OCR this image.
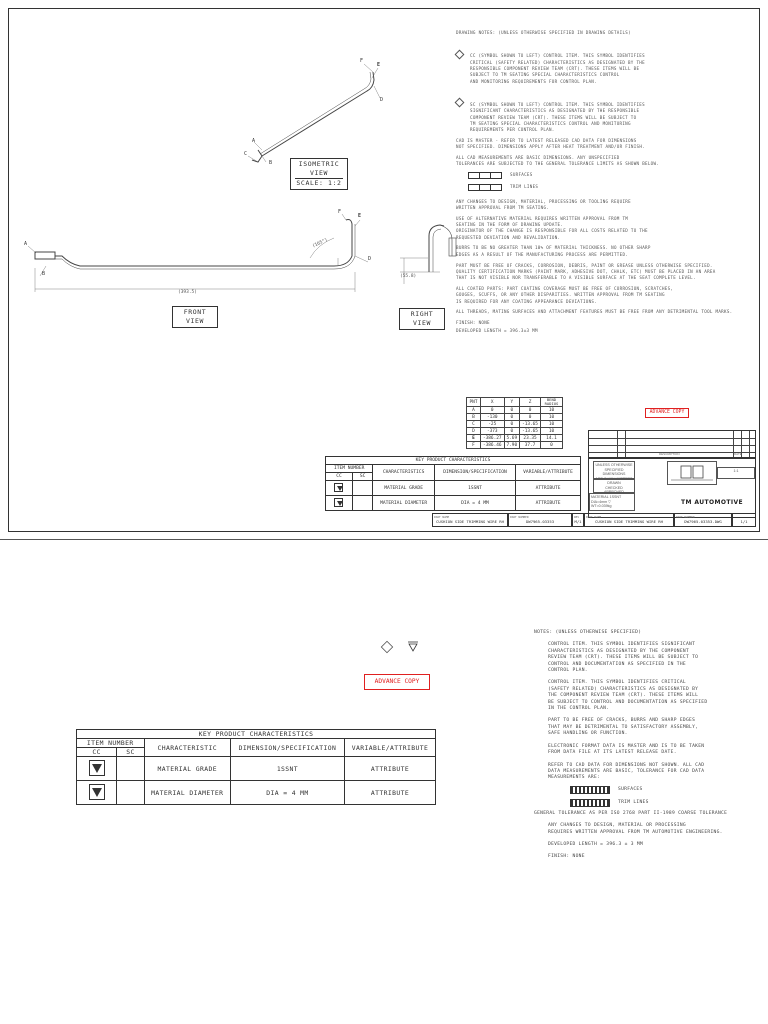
A
B
C
D
E
F
A
B
D
E
F
(393.5)
(165°)
(55.8)
ISOMETRIC VIEW
SCALE: 1:2
FRONT VIEW
RIGHT VIEW

DRAWING NOTES: (UNLESS OTHERWISE SPECIFIED IN DRAWING DETAILS)

CC (SYMBOL SHOWN TO LEFT) CONTROL ITEM. THIS SYMBOL IDENTIFIES
CRITICAL (SAFETY RELATED) CHARACTERISTICS AS DESIGNATED BY THE
RESPONSIBLE COMPONENT REVIEW TEAM (CRT). THESE ITEMS WILL BE
SUBJECT TO TM SEATING SPECIAL CHARACTERISTICS CONTROL
AND MONITORING REQUIREMENTS FOR CONTROL PLAN.

SC (SYMBOL SHOWN TO LEFT) CONTROL ITEM. THIS SYMBOL IDENTIFIES
SIGNIFICANT CHARACTERISTICS AS DESIGNATED BY THE RESPONSIBLE
COMPONENT REVIEW TEAM (CRT). THESE ITEMS WILL BE SUBJECT TO
TM SEATING SPECIAL CHARACTERISTICS CONTROL AND MONITORING
REQUIREMENTS PER CONTROL PLAN.

CAD IS MASTER - REFER TO LATEST RELEASED CAD DATA FOR DIMENSIONS
NOT SPECIFIED. DIMENSIONS APPLY AFTER HEAT TREATMENT AND/OR FINISH.

ALL CAD MEASUREMENTS ARE BASIC DIMENSIONS. ANY UNSPECIFIED
TOLERANCES ARE SUBJECTED TO THE GENERAL TOLERANCE LIMITS AS SHOWN BELOW.

SURFACES
TRIM LINES

ANY CHANGES TO DESIGN, MATERIAL, PROCESSING OR TOOLING REQUIRE
WRITTEN APPROVAL FROM TM SEATING.

USE OF ALTERNATIVE MATERIAL REQUIRES WRITTEN APPROVAL FROM TM
SEATING IN THE FORM OF DRAWING UPDATE.
ORIGINATOR OF THE CHANGE IS RESPONSIBLE FOR ALL COSTS RELATED TO THE
REQUESTED DEVIATION AND REVALIDATION.

BURRS TO BE NO GREATER THAN 10% OF MATERIAL THICKNESS. NO OTHER SHARP
EDGES AS A RESULT OF THE MANUFACTURING PROCESS ARE PERMITTED.

PART MUST BE FREE OF CRACKS, CORROSION, DEBRIS, PAINT OR GREASE UNLESS OTHERWISE SPECIFIED.
QUALITY CERTIFICATION MARKS (PAINT MARK, ADHESIVE DOT, CHALK, ETC) MUST BE PLACED IN AN AREA
THAT IS NOT VISIBLE NOR TRANSFERABLE TO A VISIBLE SURFACE AT THE SEAT COMPLETE LEVEL.

ALL COATED PARTS: PART COATING COVERAGE MUST BE FREE OF CORROSION, SCRATCHES,
GOUGES, SCUFFS, OR ANY OTHER DISPARITIES. WRITTEN APPROVAL FROM TM SEATING
IS REQUIRED FOR ANY COATING APPEARANCE DEVIATIONS.

ALL THREADS, MATING SURFACES AND ATTACHMENT FEATURES MUST BE FREE FROM ANY DETRIMENTAL TOOL MARKS.

FINISH: NONE

DEVELOPED LENGTH = 396.3±3 MM

PNT	X	Y	Z	BEND RADIUS
A	0	0	0	10
B	-130	0	0	10
C	-25	0	-13.65	10
D	-373	0	-13.65	10
E	-386.27	5.69	23.35	14.1
F	-386.46	7.90	37.7	0
ADVANCE COPY
KEY PRODUCT CHARACTERISTICS				
ITEM NUMBER		CHARACTERISTICS	DIMENSION/SPECIFICATION	VARIABLE/ATTRIBUTE
CC	SC			

		MATERIAL GRADE	1SSNT	ATTRIBUTE

		MATERIAL DIAMETER	DIA = 4 MM	ATTRIBUTE
DESCRIPTION	DATE
UNLESS OTHERWISE
SPECIFIED DIMENSIONS
ARE IN MILLIMETERS
DRAWN
CHECKED
APPROVED
1:1
MATERIAL 1SSNT
DIA=4mm ▽
WT=0.039kg	TM AUTOMOTIVE
PART NAME
CUSHION SIDE TRIMMING WIRE RH
PART NUMBER
DW7965-03353
REV
M/1
PART NAME
CUSHION SIDE TRIMMING WIRE RH
PART NUMBER
DW7965-03353.DWG	1/1
ADVANCE COPY
KEY PRODUCT CHARACTERISTICS				
ITEM NUMBER		CHARACTERISTIC	DIMENSION/SPECIFICATION	VARIABLE/ATTRIBUTE
CC	SC			

		MATERIAL GRADE	1SSNT	ATTRIBUTE

		MATERIAL DIAMETER	DIA = 4 MM	ATTRIBUTE

NOTES: (UNLESS OTHERWISE SPECIFIED)

CONTROL ITEM. THIS SYMBOL IDENTIFIES SIGNIFICANT
CHARACTERISTICS AS DESIGNATED BY THE COMPONENT
REVIEW TEAM (CRT). THESE ITEMS WILL BE SUBJECT TO
CONTROL AND DOCUMENTATION AS SPECIFIED IN THE
CONTROL PLAN.

CONTROL ITEM. THIS SYMBOL IDENTIFIES CRITICAL
(SAFETY RELATED) CHARACTERISTICS AS DESIGNATED BY
THE COMPONENT REVIEW TEAM (CRT). THESE ITEMS WILL
BE SUBJECT TO CONTROL AND DOCUMENTATION AS SPECIFIED
IN THE CONTROL PLAN.

PART TO BE FREE OF CRACKS, BURRS AND SHARP EDGES
THAT MAY BE DETRIMENTAL TO SATISFACTORY ASSEMBLY,
SAFE HANDLING OR FUNCTION.

ELECTRONIC FORMAT DATA IS MASTER AND IS TO BE TAKEN
FROM DATA FILE AT ITS LATEST RELEASE DATE.

REFER TO CAD DATA FOR DIMENSIONS NOT SHOWN. ALL CAD
DATA MEASUREMENTS ARE BASIC, TOLERANCE FOR CAD DATA
MEASUREMENTS ARE:

SURFACES
TRIM LINES

GENERAL TOLERANCE AS PER ISO 2768 PART II-1989 COARSE TOLERANCE

ANY CHANGES TO DESIGN, MATERIAL OR PROCESSING
REQUIRES WRITTEN APPROVAL FROM TM AUTOMOTIVE ENGINEERING.

DEVELOPED LENGTH = 396.3 ± 3 MM

FINISH: NONE
